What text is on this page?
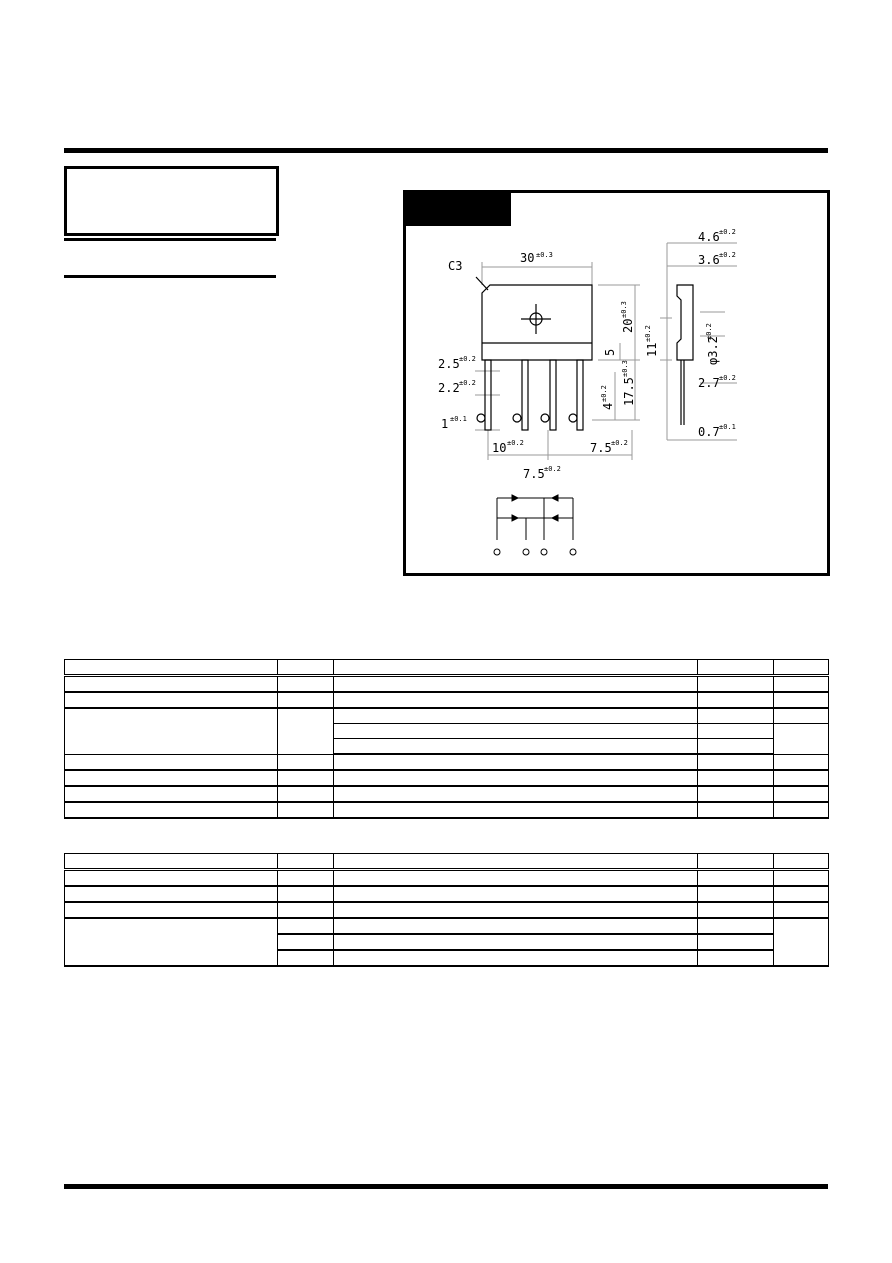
C3
30 ±0.3
2.5 ±0.2
2.2 ±0.2
1 ±0.1
10 ±0.2	7.5 ±0.2
7.5 ±0.2
4.6 ±0.2
3.6 ±0.2
2.7 ±0.2
0.7 ±0.1
20
±0.3
5
17.5
±0.3
4
±0.2
11
±0.2
φ3.2
±0.2
